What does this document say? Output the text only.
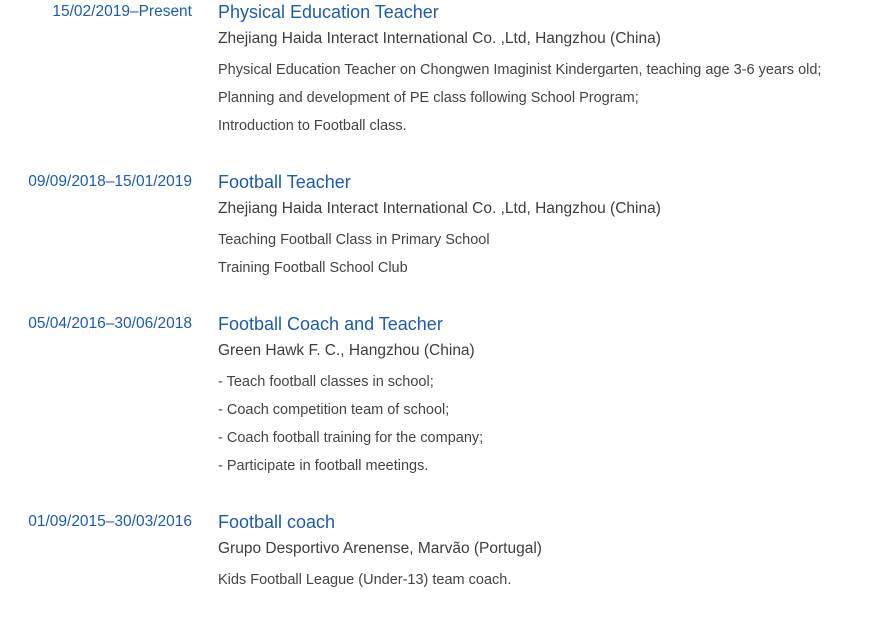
15/02/2019–Present Physical Education Teacher
Zhejiang Haida Interact International Co. ,Ltd, Hangzhou (China)

Physical Education Teacher on Chongwen Imaginist Kindergarten, teaching age 3-6 years old;

Planning and development of PE class following School Program;

Introduction to Football class.

09/09/2018–15/01/2019 Football Teacher
Zhejiang Haida Interact International Co. ,Ltd, Hangzhou (China)

Teaching Football Class in Primary School

Training Football School Club

05/04/2016–30/06/2018 Football Coach and Teacher
Green Hawk F. C., Hangzhou (China)

- Teach football classes in school;

- Coach competition team of school;

- Coach football training for the company;

- Participate in football meetings.

01/09/2015–30/03/2016 Football coach
Grupo Desportivo Arenense, Marvão (Portugal)

Kids Football League (Under-13) team coach.
